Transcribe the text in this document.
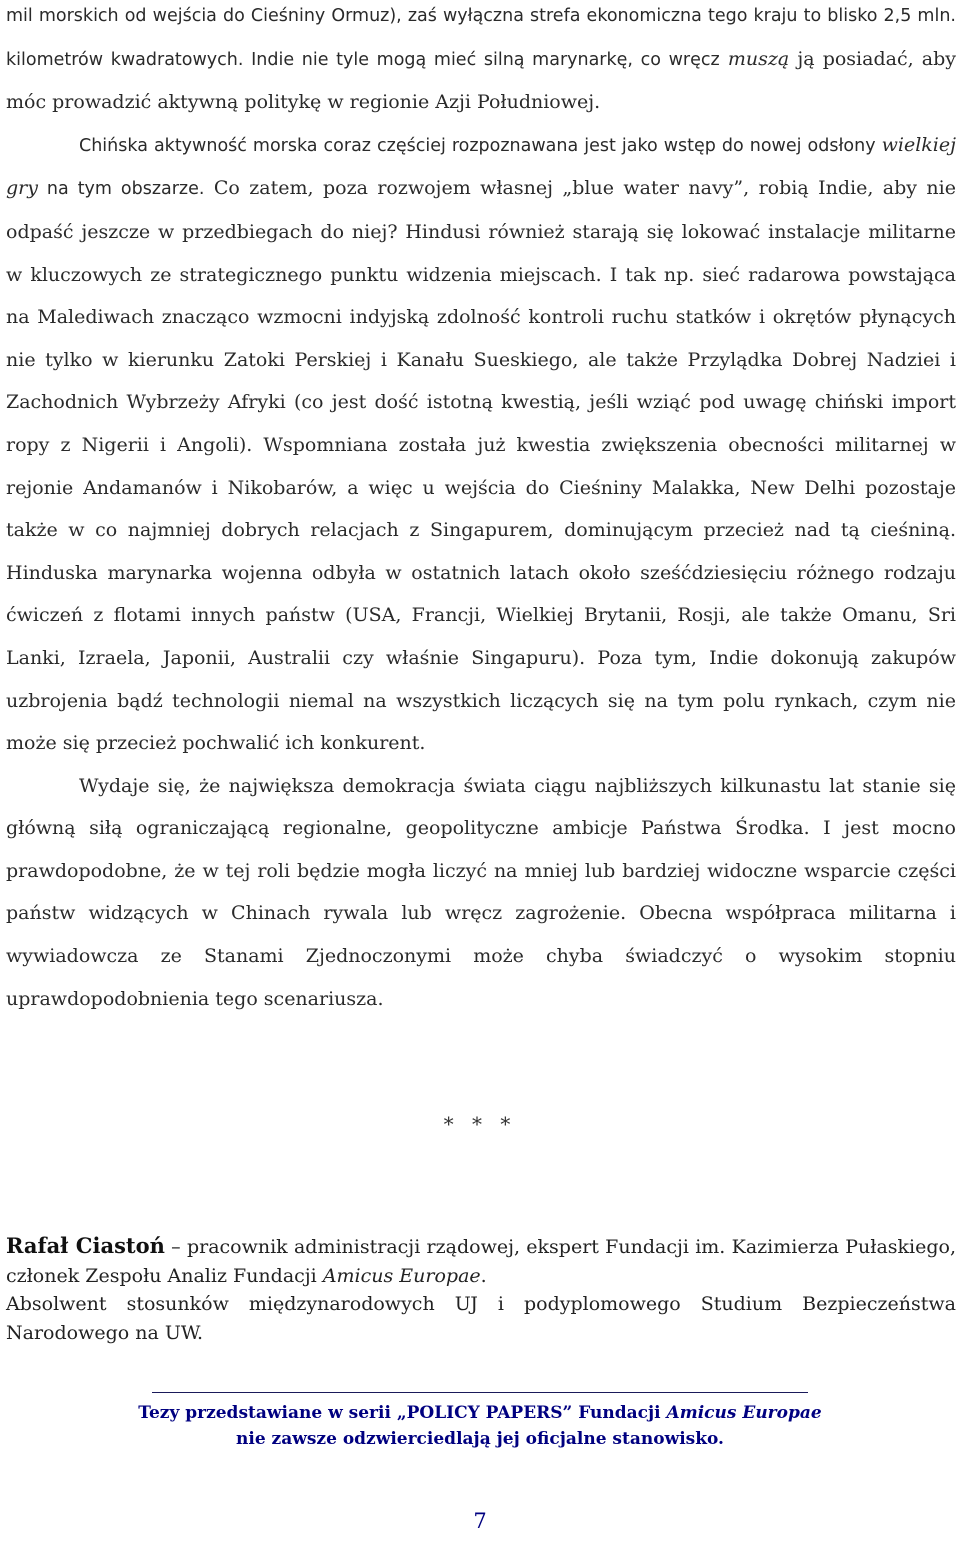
mil morskich od wejścia do Cieśniny Ormuz), zaś wyłączna strefa ekonomiczna tego kraju to blisko 2,5 mln. kilometrów kwadratowych. Indie nie tyle mogą mieć silną marynarkę, co wręcz muszą ją posiadać, aby móc prowadzić aktywną politykę w regionie Azji Południowej.

Chińska aktywność morska coraz częściej rozpoznawana jest jako wstęp do nowej odsłony wielkiej gry na tym obszarze. Co zatem, poza rozwojem własnej „blue water navy”, robią Indie, aby nie odpaść jeszcze w przedbiegach do niej? Hindusi również starają się lokować instalacje militarne w kluczowych ze strategicznego punktu widzenia miejscach. I tak np. sieć radarowa powstająca na Malediwach znacząco wzmocni indyjską zdolność kontroli ruchu statków i okrętów płynących nie tylko w kierunku Zatoki Perskiej i Kanału Sueskiego, ale także Przylądka Dobrej Nadziei i Zachodnich Wybrzeży Afryki (co jest dość istotną kwestią, jeśli wziąć pod uwagę chiński import ropy z Nigerii i Angoli). Wspomniana została już kwestia zwiększenia obecności militarnej w rejonie Andamanów i Nikobarów, a więc u wejścia do Cieśniny Malakka, New Delhi pozostaje także w co najmniej dobrych relacjach z Singapurem, dominującym przecież nad tą cieśniną. Hinduska marynarka wojenna odbyła w ostatnich latach około sześćdziesięciu różnego rodzaju ćwiczeń z flotami innych państw (USA, Francji, Wielkiej Brytanii, Rosji, ale także Omanu, Sri Lanki, Izraela, Japonii, Australii czy właśnie Singapuru). Poza tym, Indie dokonują zakupów uzbrojenia bądź technologii niemal na wszystkich liczących się na tym polu rynkach, czym nie może się przecież pochwalić ich konkurent.

Wydaje się, że największa demokracja świata ciągu najbliższych kilkunastu lat stanie się główną siłą ograniczającą regionalne, geopolityczne ambicje Państwa Środka. I jest mocno prawdopodobne, że w tej roli będzie mogła liczyć na mniej lub bardziej widoczne wsparcie części państw widzących w Chinach rywala lub wręcz zagrożenie. Obecna współpraca militarna i wywiadowcza ze Stanami Zjednoczonymi może chyba świadczyć o wysokim stopniu uprawdopodobnienia tego scenariusza.

* * *

Rafał Ciastoń – pracownik administracji rządowej, ekspert Fundacji im. Kazimierza Pułaskiego, członek Zespołu Analiz Fundacji Amicus Europae.

Absolwent stosunków międzynarodowych UJ i podyplomowego Studium Bezpieczeństwa Narodowego na UW.

Tezy przedstawiane w serii „POLICY PAPERS” Fundacji Amicus Europae
nie zawsze odzwierciedlają jej oficjalne stanowisko.
7
